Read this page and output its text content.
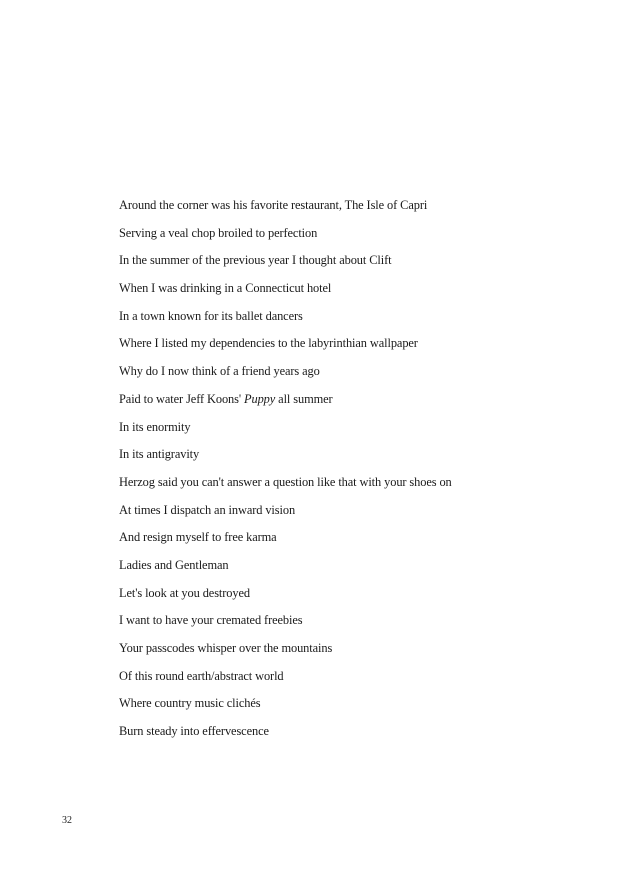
Around the corner was his favorite restaurant, The Isle of Capri
Serving a veal chop broiled to perfection
In the summer of the previous year I thought about Clift
When I was drinking in a Connecticut hotel
In a town known for its ballet dancers
Where I listed my dependencies to the labyrinthian wallpaper
Why do I now think of a friend years ago
Paid to water Jeff Koons' Puppy all summer
In its enormity
In its antigravity
Herzog said you can't answer a question like that with your shoes on
At times I dispatch an inward vision
And resign myself to free karma
Ladies and Gentleman
Let's look at you destroyed
I want to have your cremated freebies
Your passcodes whisper over the mountains
Of this round earth/abstract world
Where country music clichés
Burn steady into effervescence
32
